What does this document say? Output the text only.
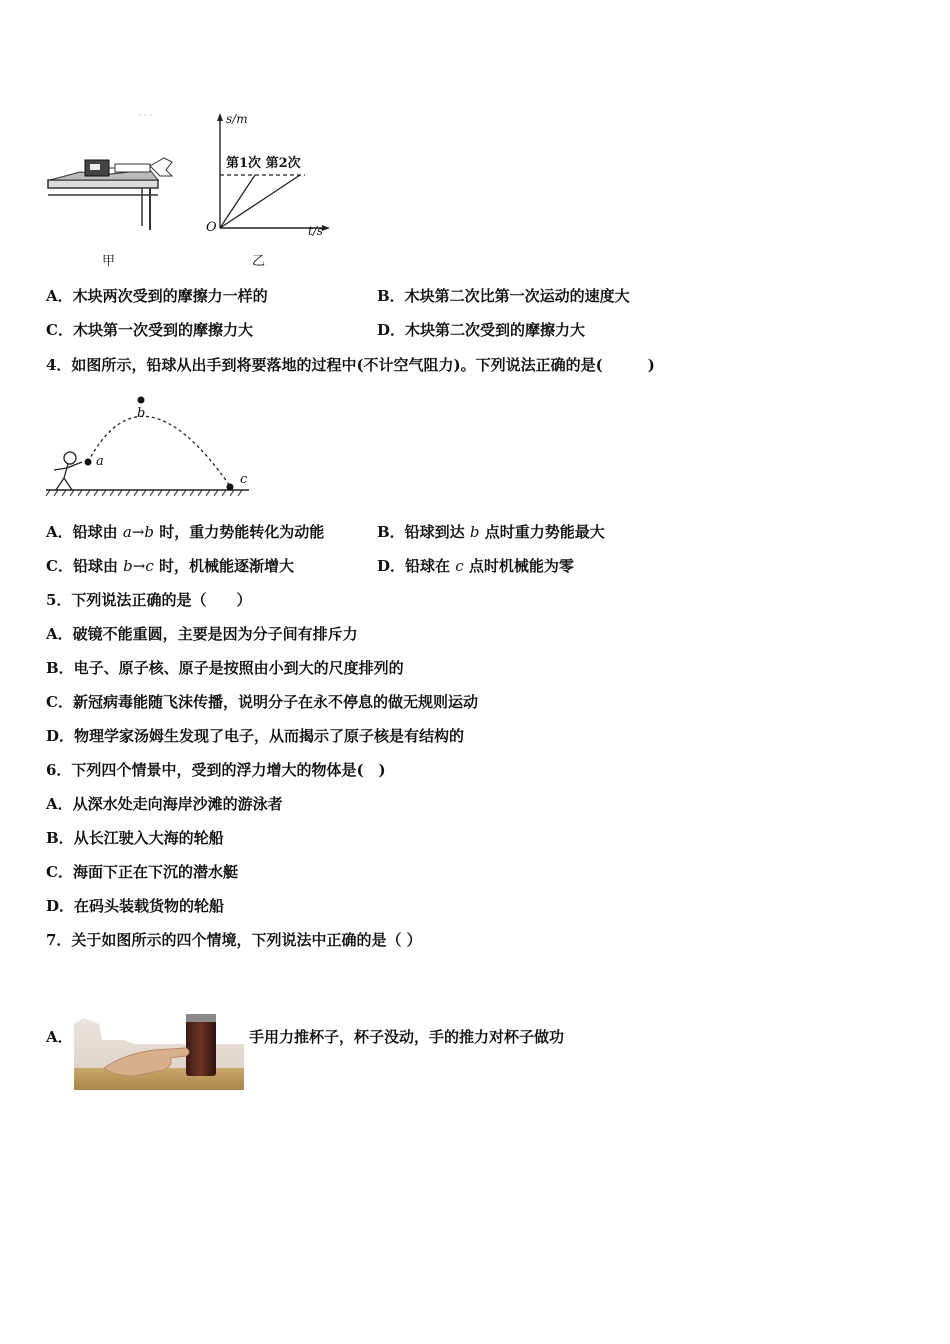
· · ·	s/m
第1次 第2次
O	t/s
甲	乙
A．木块两次受到的摩擦力一样的	B．木块第二次比第一次运动的速度大
C．木块第一次受到的摩擦力大	D．木块第二次受到的摩擦力大
4．如图所示，铅球从出手到将要落地的过程中(不计空气阻力)。下列说法正确的是(　　　)
a
b
c
A．铅球由 a→b 时，重力势能转化为动能	B．铅球到达 b 点时重力势能最大
C．铅球由 b→c 时，机械能逐渐增大	D．铅球在 c 点时机械能为零
5．下列说法正确的是（　　）
A．破镜不能重圆，主要是因为分子间有排斥力
B．电子、原子核、原子是按照由小到大的尺度排列的
C．新冠病毒能随飞沫传播，说明分子在永不停息的做无规则运动
D．物理学家汤姆生发现了电子，从而揭示了原子核是有结构的
6．下列四个情景中，受到的浮力增大的物体是(　)
A．从深水处走向海岸沙滩的游泳者
B．从长江驶入大海的轮船
C．海面下正在下沉的潜水艇
D．在码头装载货物的轮船
7．关于如图所示的四个情境，下列说法中正确的是（ ）
A．	手用力推杯子，杯子没动，手的推力对杯子做功
